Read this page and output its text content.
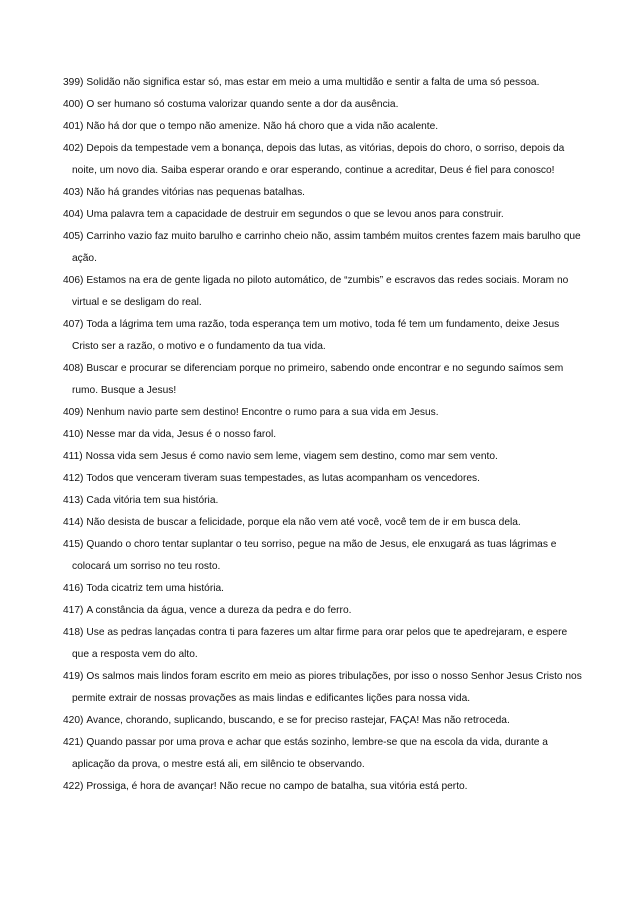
399) Solidão não significa estar só, mas estar em meio a uma multidão e sentir a falta de uma só pessoa.
400) O ser humano só costuma valorizar quando sente a dor da ausência.
401) Não há dor que o tempo não amenize. Não há choro que a vida não acalente.
402) Depois da tempestade vem a bonança, depois das lutas, as vitórias, depois do choro, o sorriso, depois da noite, um novo dia. Saiba esperar orando e orar esperando, continue a acreditar, Deus é fiel para conosco!
403) Não há grandes vitórias nas pequenas batalhas.
404) Uma palavra tem a capacidade de destruir em segundos o que se levou anos para construir.
405) Carrinho vazio faz muito barulho e carrinho cheio não, assim também muitos crentes fazem mais barulho que ação.
406) Estamos na era de gente ligada no piloto automático, de “zumbis” e escravos das redes sociais. Moram no virtual e se desligam do real.
407) Toda a lágrima tem uma razão, toda esperança tem um motivo, toda fé tem um fundamento, deixe Jesus Cristo ser a razão, o motivo e o fundamento da tua vida.
408) Buscar e procurar se diferenciam porque no primeiro, sabendo onde encontrar e no segundo saímos sem rumo. Busque a Jesus!
409) Nenhum navio parte sem destino! Encontre o rumo para a sua vida em Jesus.
410) Nesse mar da vida, Jesus é o nosso farol.
411) Nossa vida sem Jesus é como navio sem leme, viagem sem destino, como mar sem vento.
412) Todos que venceram tiveram suas tempestades, as lutas acompanham os vencedores.
413) Cada vitória tem sua história.
414) Não desista de buscar a felicidade, porque ela não vem até você, você tem de ir em busca dela.
415) Quando o choro tentar suplantar o teu sorriso, pegue na mão de Jesus, ele enxugará as tuas lágrimas e colocará um sorriso no teu rosto.
416) Toda cicatriz tem uma história.
417) A constância da água, vence a dureza da pedra e do ferro.
418) Use as pedras lançadas contra ti para fazeres um altar firme para orar pelos que te apedrejaram, e espere que a resposta vem do alto.
419) Os salmos mais lindos foram escrito em meio as piores tribulações, por isso o nosso Senhor Jesus Cristo nos permite extrair de nossas provações as mais lindas e edificantes lições para nossa vida.
420) Avance, chorando, suplicando, buscando, e se for preciso rastejar, FAÇA! Mas não retroceda.
421) Quando passar por uma prova e achar que estás sozinho, lembre-se que na escola da vida, durante a aplicação da prova, o mestre está ali, em silêncio te observando.
422) Prossiga, é hora de avançar! Não recue no campo de batalha, sua vitória está perto.
